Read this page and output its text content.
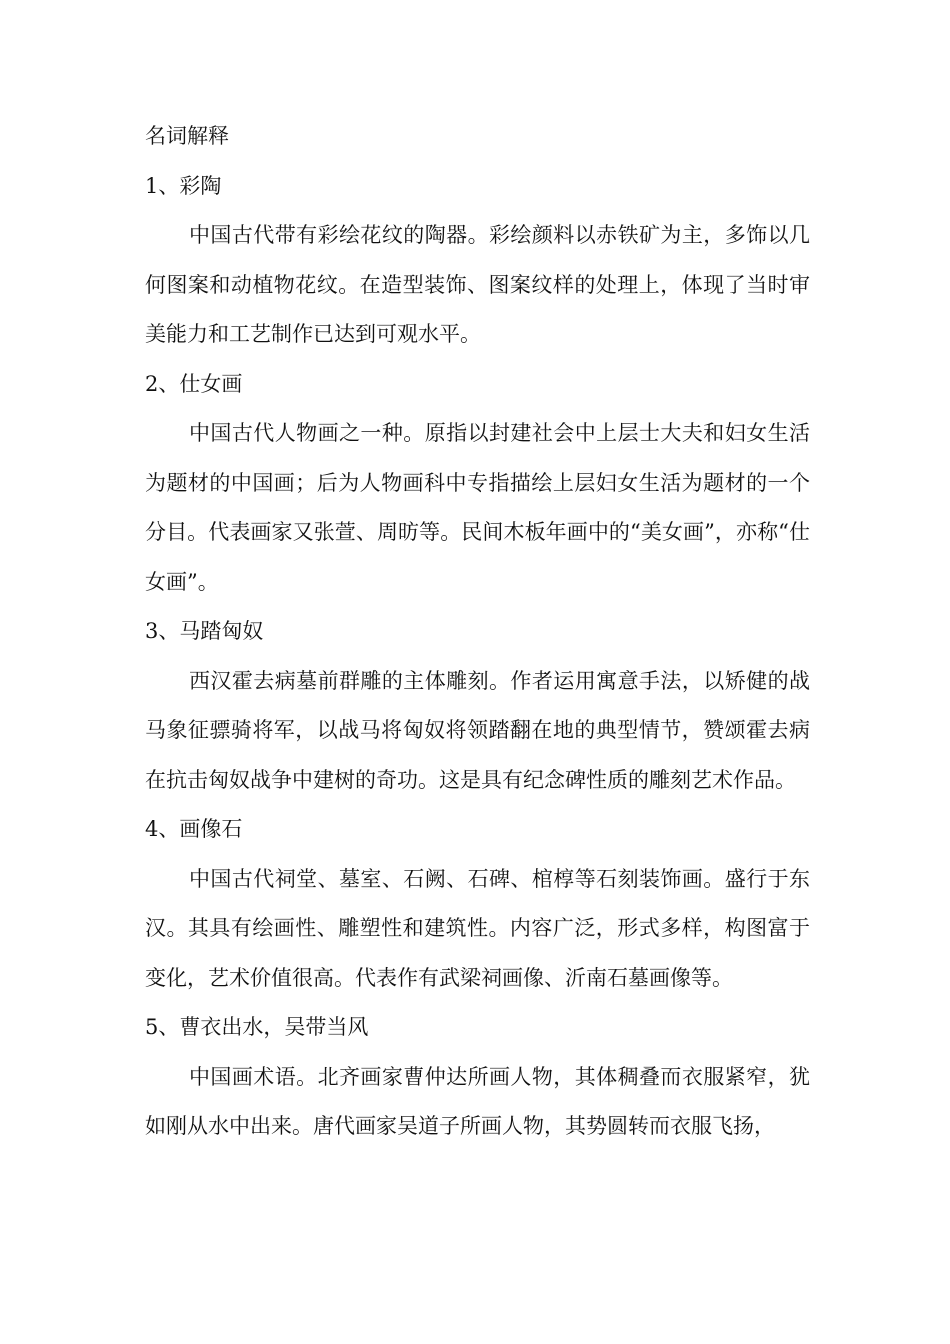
名词解释

1、彩陶

中国古代带有彩绘花纹的陶器。彩绘颜料以赤铁矿为主，多饰以几何图案和动植物花纹。在造型装饰、图案纹样的处理上，体现了当时审美能力和工艺制作已达到可观水平。

2、仕女画

中国古代人物画之一种。原指以封建社会中上层士大夫和妇女生活为题材的中国画；后为人物画科中专指描绘上层妇女生活为题材的一个分目。代表画家又张萱、周昉等。民间木板年画中的“美女画”，亦称“仕女画”。

3、马踏匈奴

西汉霍去病墓前群雕的主体雕刻。作者运用寓意手法，以矫健的战马象征骠骑将军，以战马将匈奴将领踏翻在地的典型情节，赞颂霍去病在抗击匈奴战争中建树的奇功。这是具有纪念碑性质的雕刻艺术作品。

4、画像石

中国古代祠堂、墓室、石阙、石碑、棺椁等石刻装饰画。盛行于东汉。其具有绘画性、雕塑性和建筑性。内容广泛，形式多样，构图富于变化，艺术价值很高。代表作有武梁祠画像、沂南石墓画像等。

5、曹衣出水，吴带当风

中国画术语。北齐画家曹仲达所画人物，其体稠叠而衣服紧窄，犹如刚从水中出来。唐代画家吴道子所画人物，其势圆转而衣服飞扬，
